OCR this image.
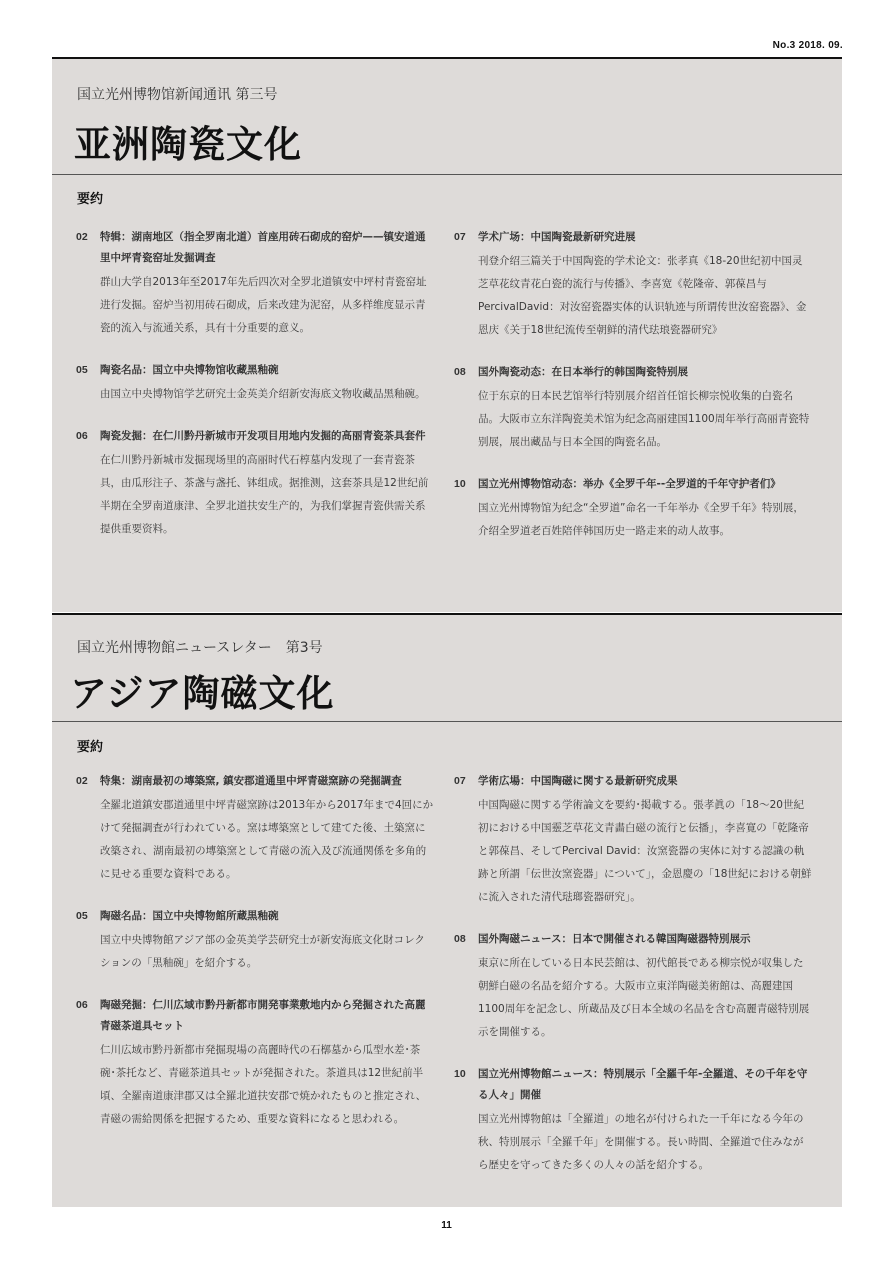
No.3 2018. 09.
国立光州博物馆新闻通讯 第三号
亚洲陶瓷文化
要约
02 特辑：湖南地区（指全罗南北道）首座用砖石砌成的窑炉——镇安道通里中坪青瓷窑址发掘调查
群山大学自2013年至2017年先后四次对全罗北道镇安中坪村青瓷窑址进行发掘。窑炉当初用砖石砌成，后来改建为泥窑，从多样维度显示青瓷的流入与流通关系，具有十分重要的意义。
05 陶瓷名品：国立中央博物馆收藏黑釉碗
由国立中央博物馆学艺研究士金英美介绍新安海底文物收藏品黑釉碗。
06 陶瓷发掘：在仁川黔丹新城市开发项目用地内发掘的高丽青瓷茶具套件
在仁川黔丹新城市发掘现场里的高丽时代石椁墓内发现了一套青瓷茶具，由瓜形注子、茶盏与盏托、钵组成。据推测，这套茶具是12世纪前半期在全罗南道康津、全罗北道扶安生产的，为我们掌握青瓷供需关系提供重要资料。
07 学术广场：中国陶瓷最新研究进展
刊登介绍三篇关于中国陶瓷的学术论文：张孝真《18-20世纪初中国灵芝草花纹青花白瓷的流行与传播》、李喜宽《乾隆帝、郭葆昌与PercivalDavid：对汝窑瓷器实体的认识轨迹与所谓传世汝窑瓷器》、金恩庆《关于18世纪流传至朝鲜的清代珐琅瓷器研究》
08 国外陶瓷动态：在日本举行的韩国陶瓷特别展
位于东京的日本民艺馆举行特别展介绍首任馆长柳宗悦收集的白瓷名品。大阪市立东洋陶瓷美术馆为纪念高丽建国1100周年举行高丽青瓷特别展，展出藏品与日本全国的陶瓷名品。
10 国立光州博物馆动态：举办《全罗千年--全罗道的千年守护者们》
国立光州博物馆为纪念“全罗道”命名一千年举办《全罗千年》特别展，介绍全罗道老百姓陪伴韩国历史一路走来的动人故事。
国立光州博物館ニュースレター　第3号
アジア陶磁文化
要約
02 特集：湖南最初の塼築窯, 鎮安郡道通里中坪青磁窯跡の発掘調査
全羅北道鎮安郡道通里中坪青磁窯跡は2013年から2017年まで4回にかけて発掘調査が行われている。窯は塼築窯として建てた後、土築窯に改築され、湖南最初の塼築窯として青磁の流入及び流通関係を多角的に見せる重要な資料である。
05 陶磁名品：国立中央博物館所蔵黒釉碗
国立中央博物館アジア部の金英美学芸研究士が新安海底文化財コレクションの「黒釉碗」を紹介する。
06 陶磁発掘：仁川広域市黔丹新都市開発事業敷地内から発掘された高麗青磁茶道具セット
仁川広域市黔丹新都市発掘現場の高麗時代の石槨墓から瓜型水差･茶碗･茶托など、青磁茶道具セットが発掘された。茶道具は12世紀前半頃、全羅南道康津郡又は全羅北道扶安郡で焼かれたものと推定され、青磁の需給関係を把握するため、重要な資料になると思われる。
07 学術広場：中国陶磁に関する最新研究成果
中国陶磁に関する学術論文を要約･掲載する。張孝眞の「18～20世紀初における中国靈芝草花文青畵白磁の流行と伝播」，李喜寛の「乾隆帝と郭葆昌、そしてPercival David：汝窯瓷器の実体に対する認識の軌跡と所謂「伝世汝窯瓷器」について」，金恩慶の「18世紀における朝鮮に流入された清代琺瑯瓷器研究」。
08 国外陶磁ニュース：日本で開催される韓国陶磁器特別展示
東京に所在している日本民芸館は、初代館長である柳宗悦が収集した朝鮮白磁の名品を紹介する。大阪市立東洋陶磁美術館は、高麗建国1100周年を記念し、所蔵品及び日本全域の名品を含む高麗青磁特別展示を開催する。
10 国立光州博物館ニュース：特別展示「全羅千年-全羅道、その千年を守る人々」開催
国立光州博物館は「全羅道」の地名が付けられた一千年になる今年の秋、特別展示「全羅千年」を開催する。長い時間、全羅道で住みながら歴史を守ってきた多くの人々の話を紹介する。
11
